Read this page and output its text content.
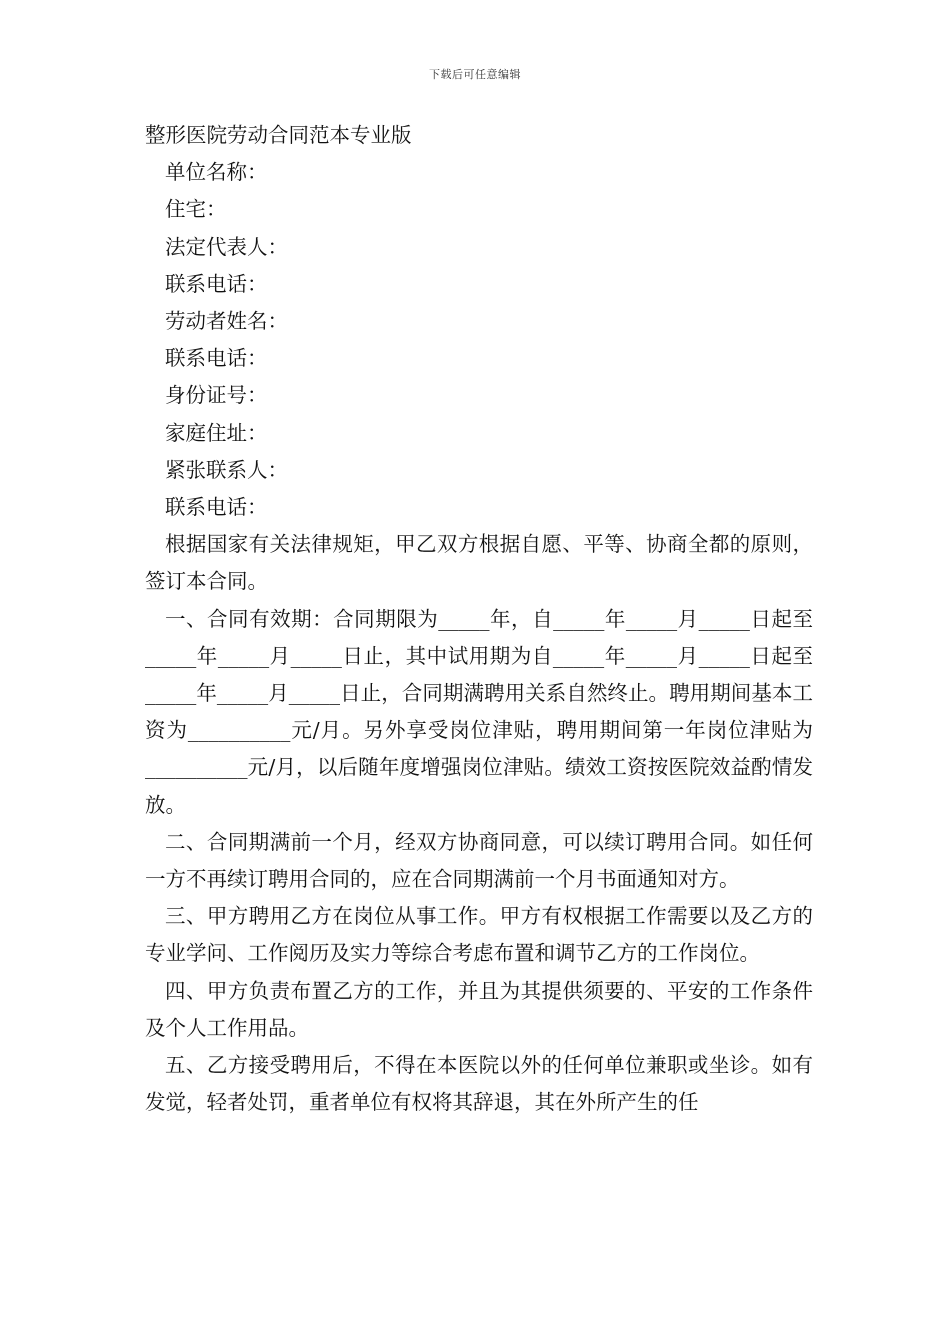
下载后可任意编辑
整形医院劳动合同范本专业版
单位名称：
住宅：
法定代表人：
联系电话：
劳动者姓名：
联系电话：
身份证号：
家庭住址：
紧张联系人：
联系电话：

根据国家有关法律规矩，甲乙双方根据自愿、平等、协商全都的原则，签订本合同。

一、合同有效期：合同期限为_____年，自_____年_____月_____日起至_____年_____月_____日止，其中试用期为自_____年_____月_____日起至_____年_____月_____日止，合同期满聘用关系自然终止。聘用期间基本工资为__________元/月。另外享受岗位津贴，聘用期间第一年岗位津贴为__________元/月，以后随年度增强岗位津贴。绩效工资按医院效益酌情发放。

二、合同期满前一个月，经双方协商同意，可以续订聘用合同。如任何一方不再续订聘用合同的，应在合同期满前一个月书面通知对方。

三、甲方聘用乙方在岗位从事工作。甲方有权根据工作需要以及乙方的专业学问、工作阅历及实力等综合考虑布置和调节乙方的工作岗位。

四、甲方负责布置乙方的工作，并且为其提供须要的、平安的工作条件及个人工作用品。

五、乙方接受聘用后，不得在本医院以外的任何单位兼职或坐诊。如有发觉，轻者处罚，重者单位有权将其辞退，其在外所产生的任
